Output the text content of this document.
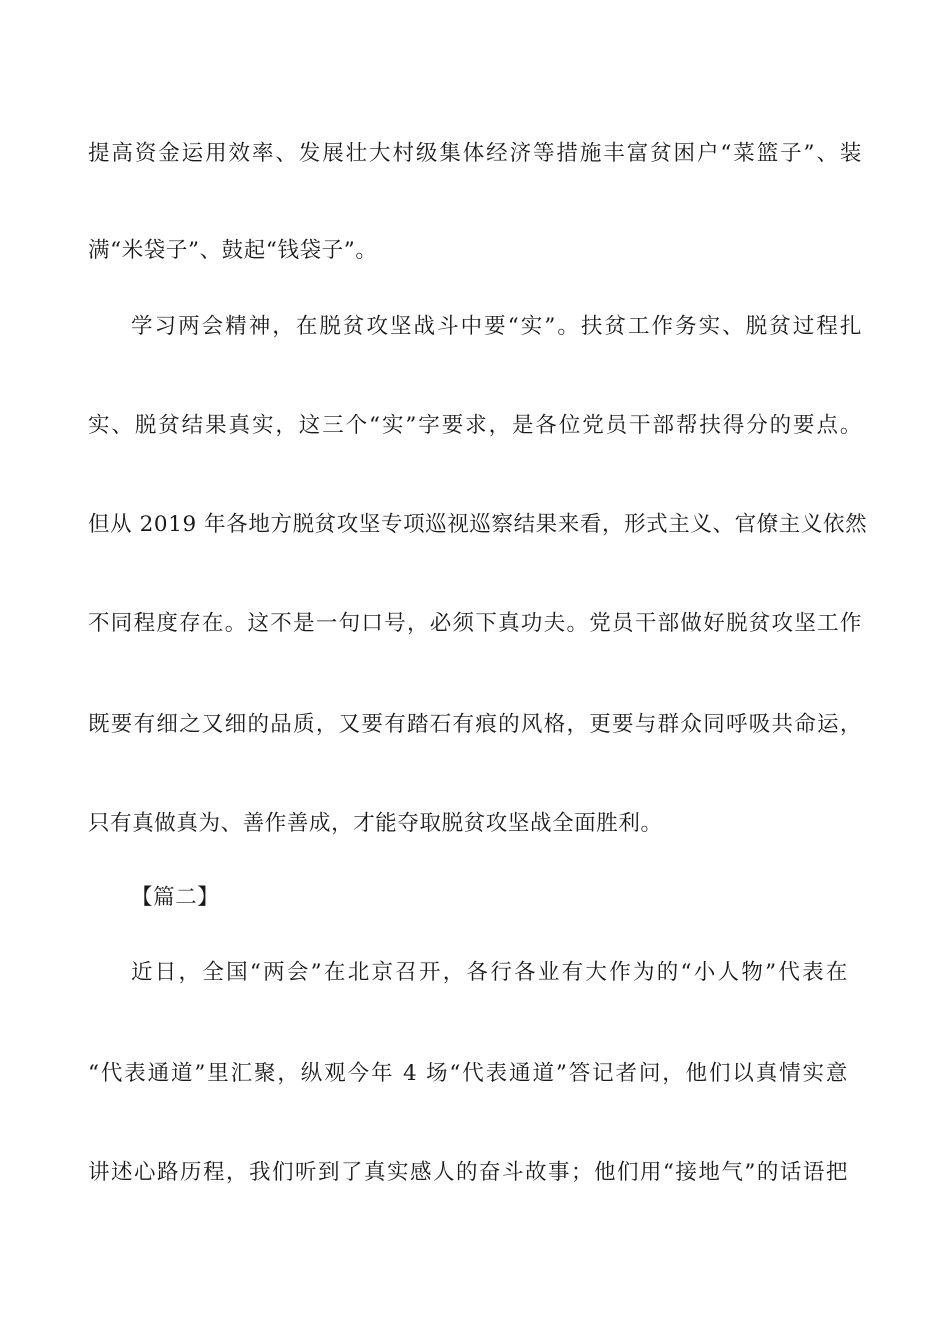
提高资金运用效率、发展壮大村级集体经济等措施丰富贫困户“菜篮子”、装
满“米袋子”、鼓起“钱袋子”。
学习两会精神，在脱贫攻坚战斗中要“实”。扶贫工作务实、脱贫过程扎
实、脱贫结果真实，这三个“实”字要求，是各位党员干部帮扶得分的要点。
但从 2019 年各地方脱贫攻坚专项巡视巡察结果来看，形式主义、官僚主义依然
不同程度存在。这不是一句口号，必须下真功夫。党员干部做好脱贫攻坚工作
既要有细之又细的品质，又要有踏石有痕的风格，更要与群众同呼吸共命运，
只有真做真为、善作善成，才能夺取脱贫攻坚战全面胜利。
【篇二】
近日，全国“两会”在北京召开，各行各业有大作为的“小人物”代表在
“代表通道”里汇聚，纵观今年 4 场“代表通道”答记者问，他们以真情实意
讲述心路历程，我们听到了真实感人的奋斗故事；他们用“接地气”的话语把
